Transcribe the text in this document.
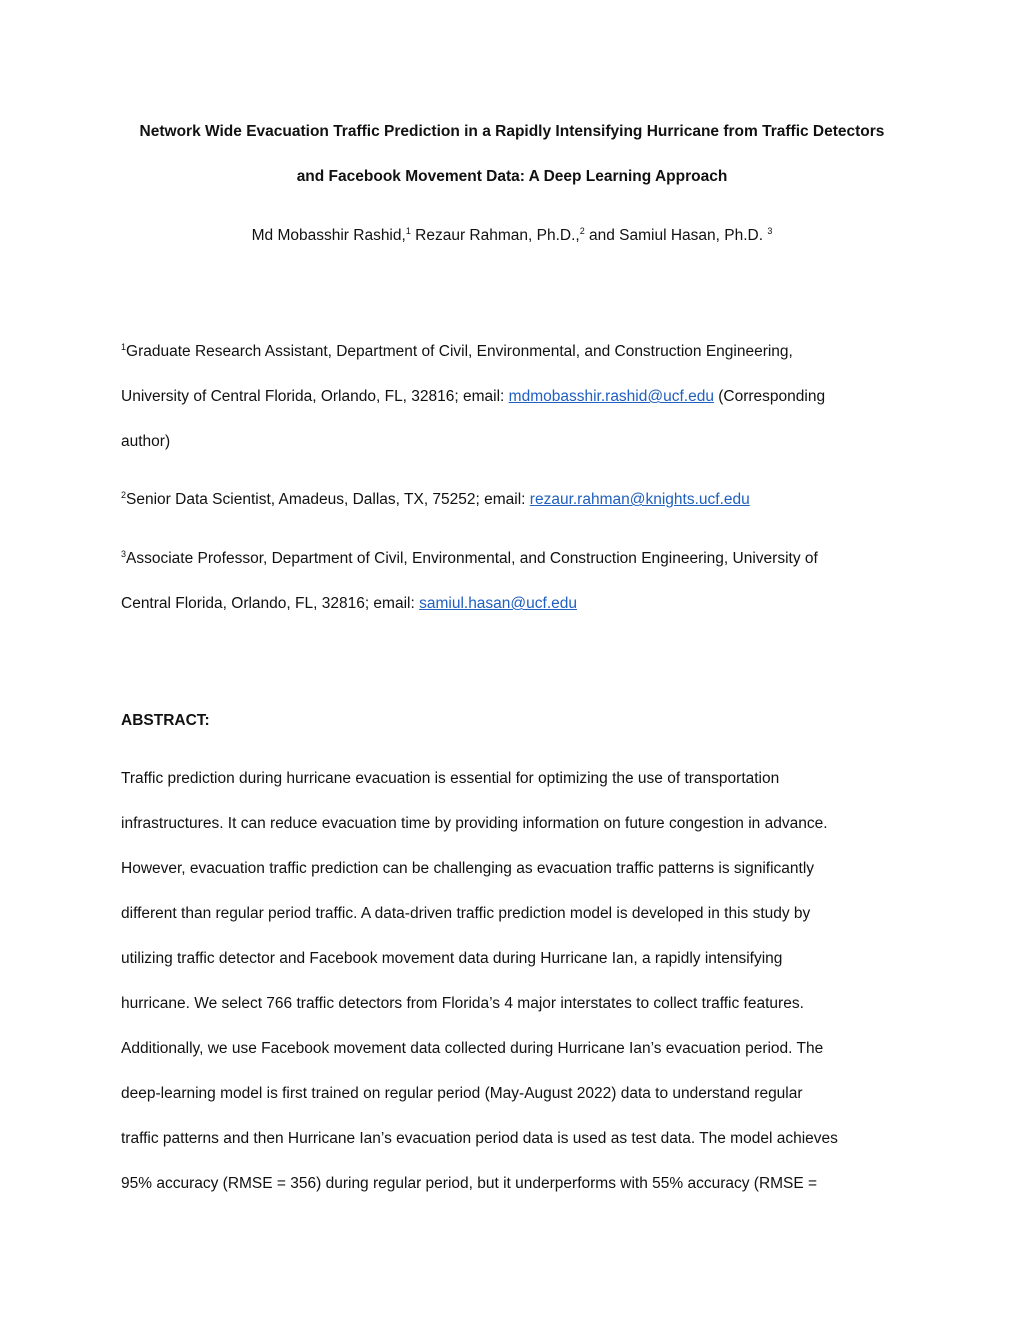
Network Wide Evacuation Traffic Prediction in a Rapidly Intensifying Hurricane from Traffic Detectors
and Facebook Movement Data: A Deep Learning Approach
Md Mobasshir Rashid,$^1$ Rezaur Rahman, Ph.D.,$^2$ and Samiul Hasan, Ph.D. $^3$
$^1$Graduate Research Assistant, Department of Civil, Environmental, and Construction Engineering,
University of Central Florida, Orlando, FL, 32816; email: mdmobasshir.rashid@ucf.edu (Corresponding
author)
$^2$Senior Data Scientist, Amadeus, Dallas, TX, 75252; email: rezaur.rahman@knights.ucf.edu
$^3$Associate Professor, Department of Civil, Environmental, and Construction Engineering, University of
Central Florida, Orlando, FL, 32816; email: samiul.hasan@ucf.edu
ABSTRACT:
Traffic prediction during hurricane evacuation is essential for optimizing the use of transportation
infrastructures. It can reduce evacuation time by providing information on future congestion in advance.
However, evacuation traffic prediction can be challenging as evacuation traffic patterns is significantly
different than regular period traffic. A data-driven traffic prediction model is developed in this study by
utilizing traffic detector and Facebook movement data during Hurricane Ian, a rapidly intensifying
hurricane. We select 766 traffic detectors from Florida’s 4 major interstates to collect traffic features.
Additionally, we use Facebook movement data collected during Hurricane Ian’s evacuation period. The
deep-learning model is first trained on regular period (May-August 2022) data to understand regular
traffic patterns and then Hurricane Ian’s evacuation period data is used as test data. The model achieves
95% accuracy (RMSE = 356) during regular period, but it underperforms with 55% accuracy (RMSE =
